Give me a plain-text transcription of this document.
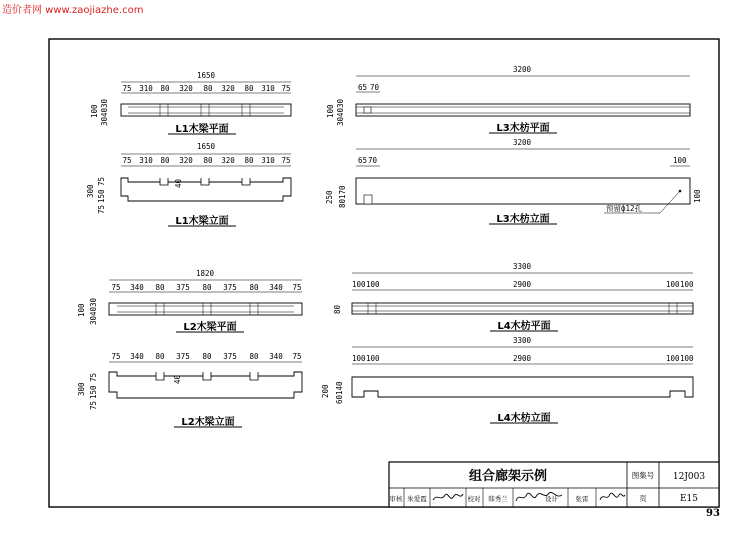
造价者网 www.zaojiazhe.com
1650
75 310 80 320 80 320 80 310 75
100
30
40
30
L1木梁平面
1650
75 310 80 320 80 320 80 310 75
40
300
75
150
75
L1木梁立面
1820
75 340 80 375 80 375 80 340 75
100
30
40
30
L2木梁平面
75 340 80 375 80 375 80 340 75
40
300
75
150
75
L2木梁立面
3200
65 70
100
30
40
30
L3木枋平面
3200
65 70	100
预留ф12孔
250 80
170	100
L3木枋立面
3300
2900
100 100	100 100
80
L4木枋平面
3300
2900
100 100	100 100
200
60
140
L4木枋立面
组合廊架示例	图集号 12J003
页	E15
审核 朱爱霞	校对 韩秀兰	设计	张雷
93
